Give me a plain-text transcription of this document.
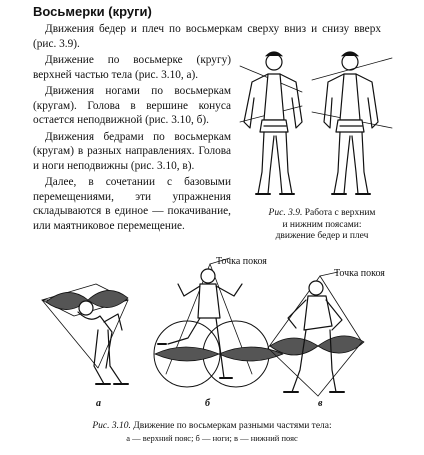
Восьмерки (круги)

Движения бедер и плеч по восьмеркам сверху вниз и снизу вверх (рис. 3.9).

Движение по восьмерке (кругу) верхней частью тела (рис. 3.10, а).

Движения ногами по восьмеркам (кругам). Голова в вершине конуса остается неподвижной (рис. 3.10, б).

Движения бедрами по восьмеркам (кругам) в разных направлениях. Голова и ноги неподвижны (рис. 3.10, в).

Далее, в сочетании с базовыми перемещениями, эти упражнения складываются в единое — покачивание, или маятниковое перемещение.

Рис. 3.9. Работа с верхним
и нижним поясами:
движение бедер и плеч
Точка покоя
Точка покоя
а	б	в
Рис. 3.10. Движение по восьмеркам разными частями тела:
а — верхний пояс; б — ноги; в — нижний пояс
